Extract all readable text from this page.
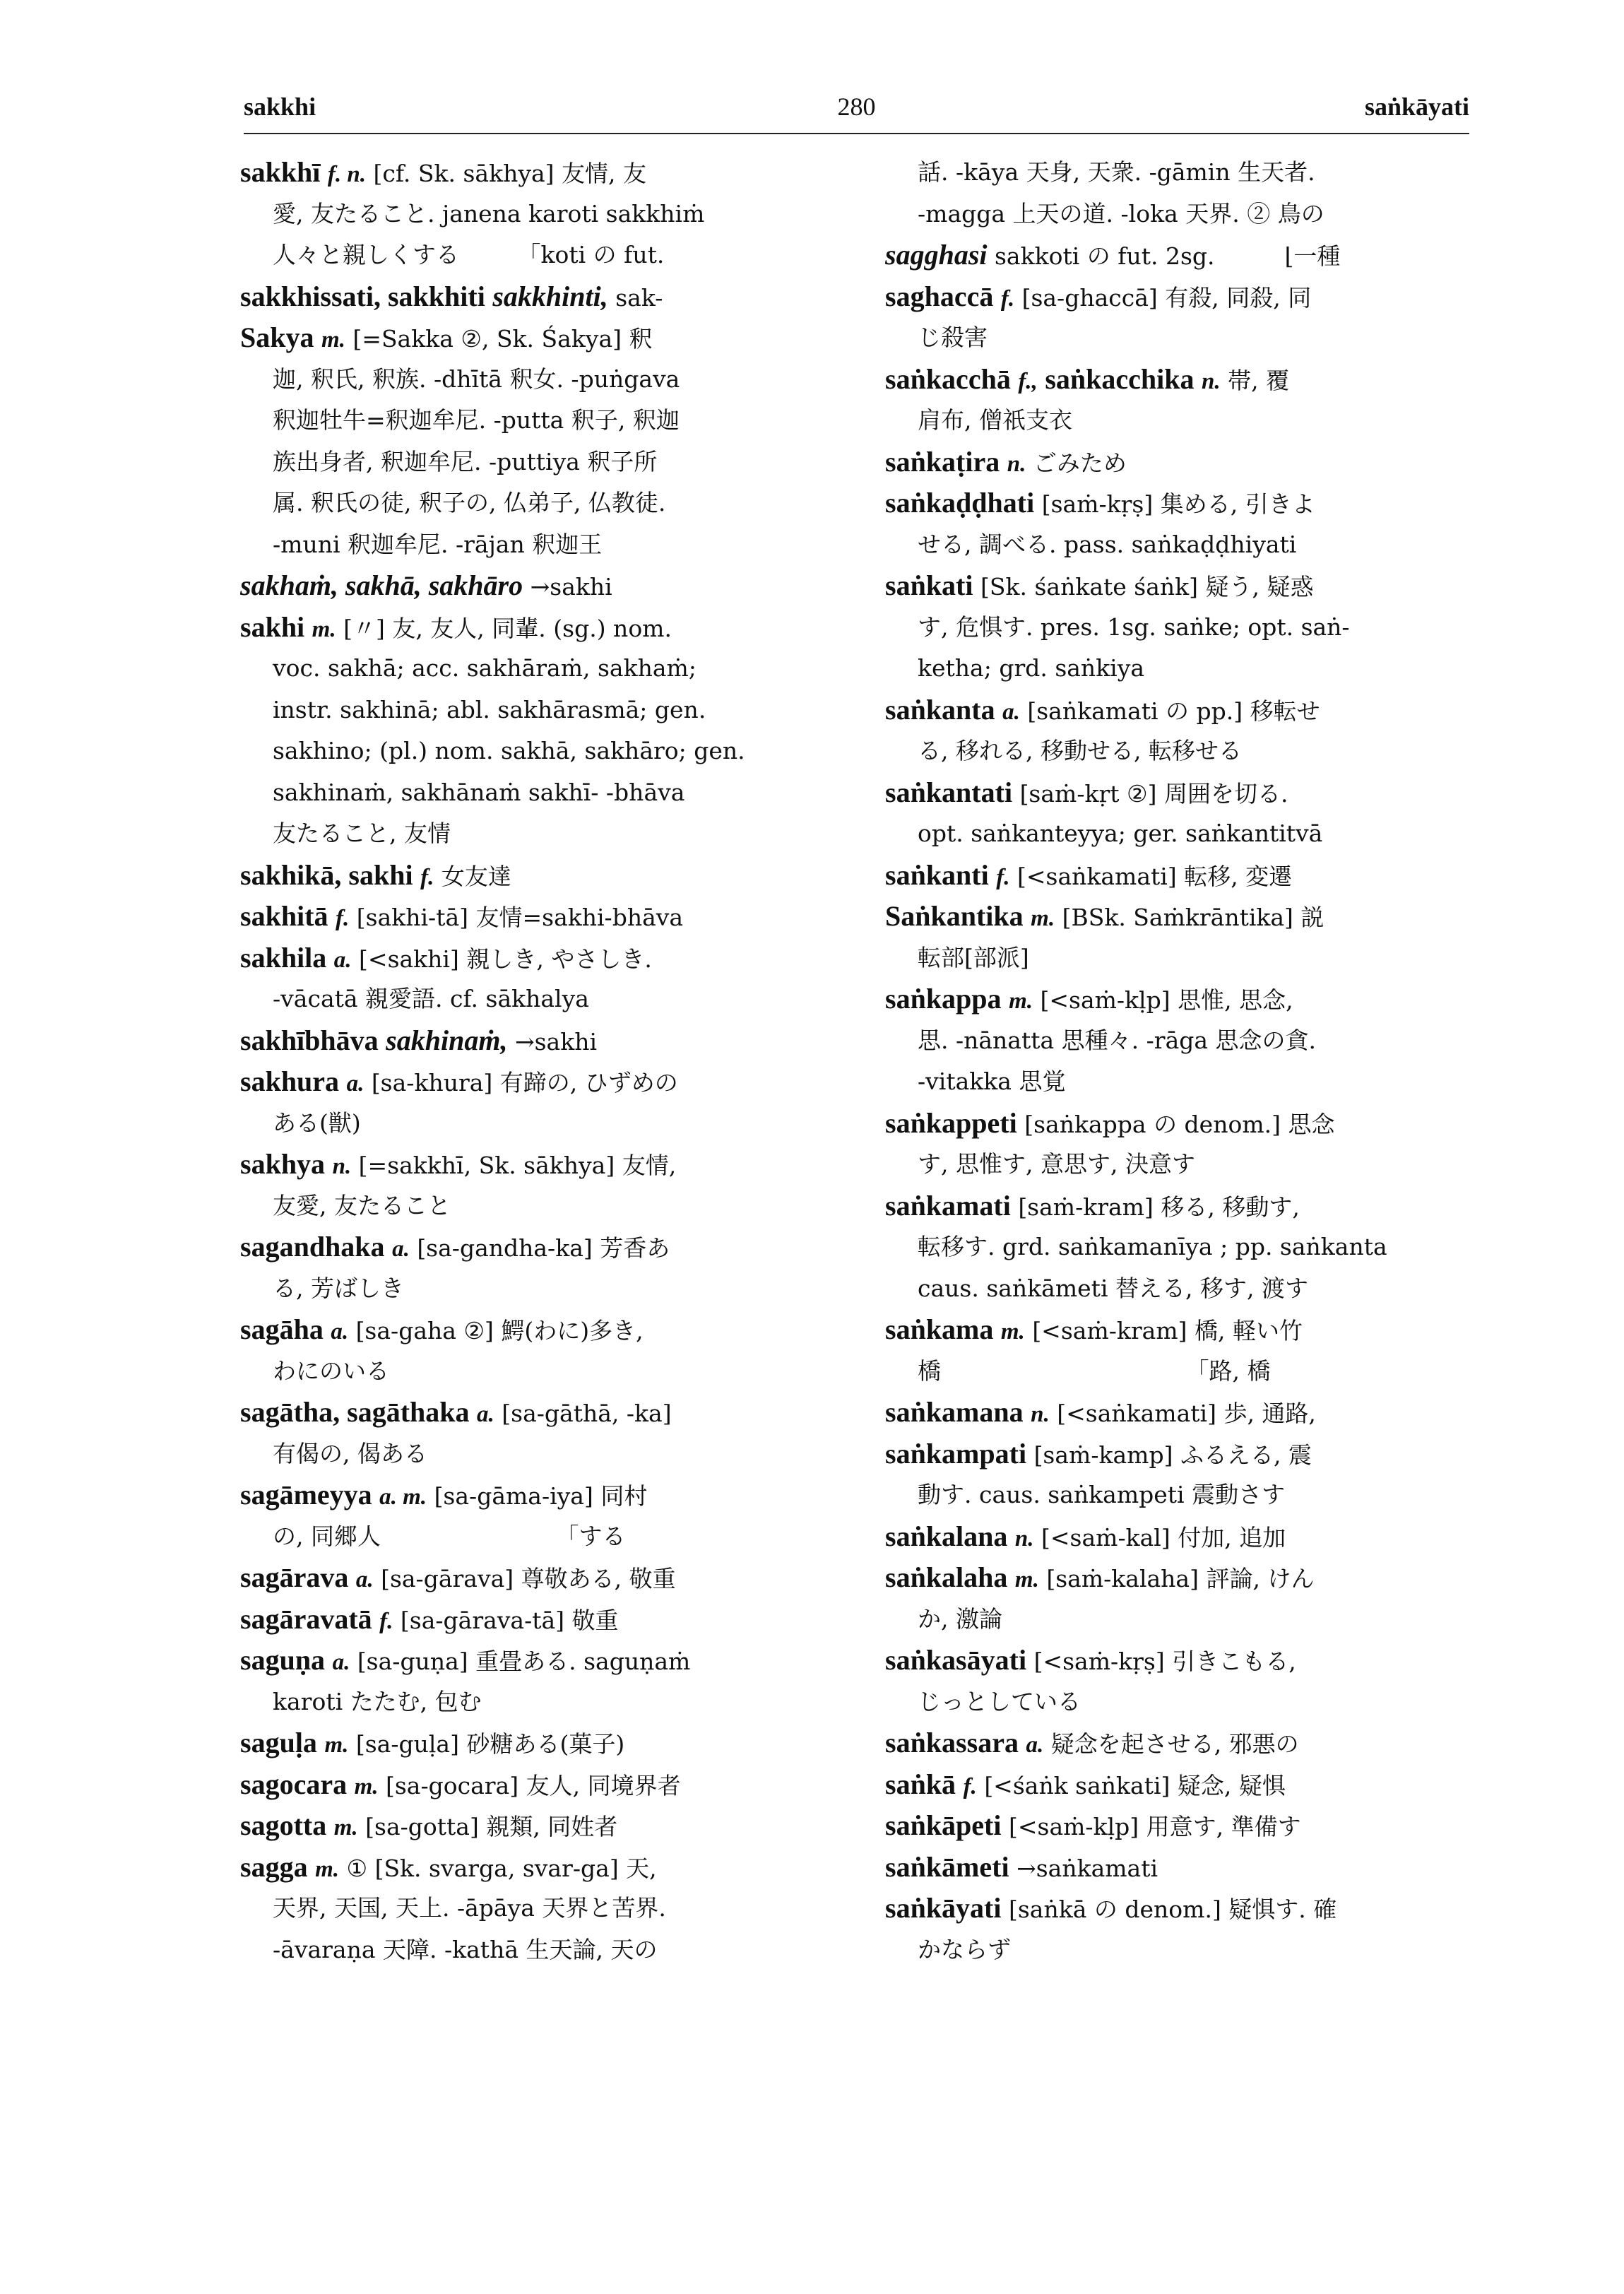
sakkhi	280	saṅkāyati
sakkhī f. n. [cf. Sk. sākhya] 友情, 友
愛, 友たること. janena karoti sakkhiṁ
人々と親しくする　　　「koti の fut.
sakkhissati, sakkhiti sakkhinti, sak-
Sakya m. [=Sakka ②, Sk. Śakya] 釈
迦, 釈氏, 釈族. -dhītā 釈女. -puṅgava
釈迦牡牛=釈迦牟尼. -putta 釈子, 釈迦
族出身者, 釈迦牟尼. -puttiya 釈子所
属. 釈氏の徒, 釈子の, 仏弟子, 仏教徒.
-muni 釈迦牟尼. -rājan 釈迦王
sakhaṁ, sakhā, sakhāro →sakhi
sakhi m. [〃] 友, 友人, 同輩. (sg.) nom.
voc. sakhā; acc. sakhāraṁ, sakhaṁ;
instr. sakhinā; abl. sakhārasmā; gen.
sakhino; (pl.) nom. sakhā, sakhāro; gen.
sakhinaṁ, sakhānaṁ sakhī- -bhāva
友たること, 友情
sakhikā, sakhi f. 女友達
sakhitā f. [sakhi-tā] 友情=sakhi-bhāva
sakhila a. [<sakhi] 親しき, やさしき.
-vācatā 親愛語. cf. sākhalya
sakhībhāva sakhinaṁ, →sakhi
sakhura a. [sa-khura] 有蹄の, ひずめの
ある(獣)
sakhya n. [=sakkhī, Sk. sākhya] 友情,
友愛, 友たること
sagandhaka a. [sa-gandha-ka] 芳香あ
る, 芳ばしき
sagāha a. [sa-gaha ②] 鰐(わに)多き,
わにのいる
sagātha, sagāthaka a. [sa-gāthā, -ka]
有偈の, 偈ある
sagāmeyya a. m. [sa-gāma-iya] 同村
の, 同郷人　　　　　　　　「する
sagārava a. [sa-gārava] 尊敬ある, 敬重
sagāravatā f. [sa-gārava-tā] 敬重
saguṇa a. [sa-guṇa] 重畳ある. saguṇaṁ
karoti たたむ, 包む
saguḷa m. [sa-guḷa] 砂糖ある(菓子)
sagocara m. [sa-gocara] 友人, 同境界者
sagotta m. [sa-gotta] 親類, 同姓者
sagga m. ① [Sk. svarga, svar-ga] 天,
天界, 天国, 天上. -āpāya 天界と苦界.
-āvaraṇa 天障. -kathā 生天論, 天の
話. -kāya 天身, 天衆. -gāmin 生天者.
-magga 上天の道. -loka 天界. ② 鳥の
sagghasi sakkoti の fut. 2sg.　　　⌊一種
saghaccā f. [sa-ghaccā] 有殺, 同殺, 同
じ殺害
saṅkacchā f., saṅkacchika n. 帯, 覆
肩布, 僧祇支衣
saṅkaṭira n. ごみため
saṅkaḍḍhati [saṁ-kṛṣ] 集める, 引きよ
せる, 調べる. pass. saṅkaḍḍhiyati
saṅkati [Sk. śaṅkate śaṅk] 疑う, 疑惑
す, 危惧す. pres. 1sg. saṅke; opt. saṅ-
ketha; grd. saṅkiya
saṅkanta a. [saṅkamati の pp.] 移転せ
る, 移れる, 移動せる, 転移せる
saṅkantati [saṁ-kṛt ②] 周囲を切る.
opt. saṅkanteyya; ger. saṅkantitvā
saṅkanti f. [<saṅkamati] 転移, 変遷
Saṅkantika m. [BSk. Saṁkrāntika] 説
転部[部派]
saṅkappa m. [<saṁ-kḷp] 思惟, 思念,
思. -nānatta 思種々. -rāga 思念の貪.
-vitakka 思覚
saṅkappeti [saṅkappa の denom.] 思念
す, 思惟す, 意思す, 決意す
saṅkamati [saṁ-kram] 移る, 移動す,
転移す. grd. saṅkamanīya ; pp. saṅkanta
caus. saṅkāmeti 替える, 移す, 渡す
saṅkama m. [<saṁ-kram] 橋, 軽い竹
橋　　　　　　　　　　　「路, 橋
saṅkamana n. [<saṅkamati] 歩, 通路,
saṅkampati [saṁ-kamp] ふるえる, 震
動す. caus. saṅkampeti 震動さす
saṅkalana n. [<saṁ-kal] 付加, 追加
saṅkalaha m. [saṁ-kalaha] 評論, けん
か, 激論
saṅkasāyati [<saṁ-kṛṣ] 引きこもる,
じっとしている
saṅkassara a. 疑念を起させる, 邪悪の
saṅkā f. [<śaṅk saṅkati] 疑念, 疑惧
saṅkāpeti [<saṁ-kḷp] 用意す, 準備す
saṅkāmeti →saṅkamati
saṅkāyati [saṅkā の denom.] 疑惧す. 確
かならず
